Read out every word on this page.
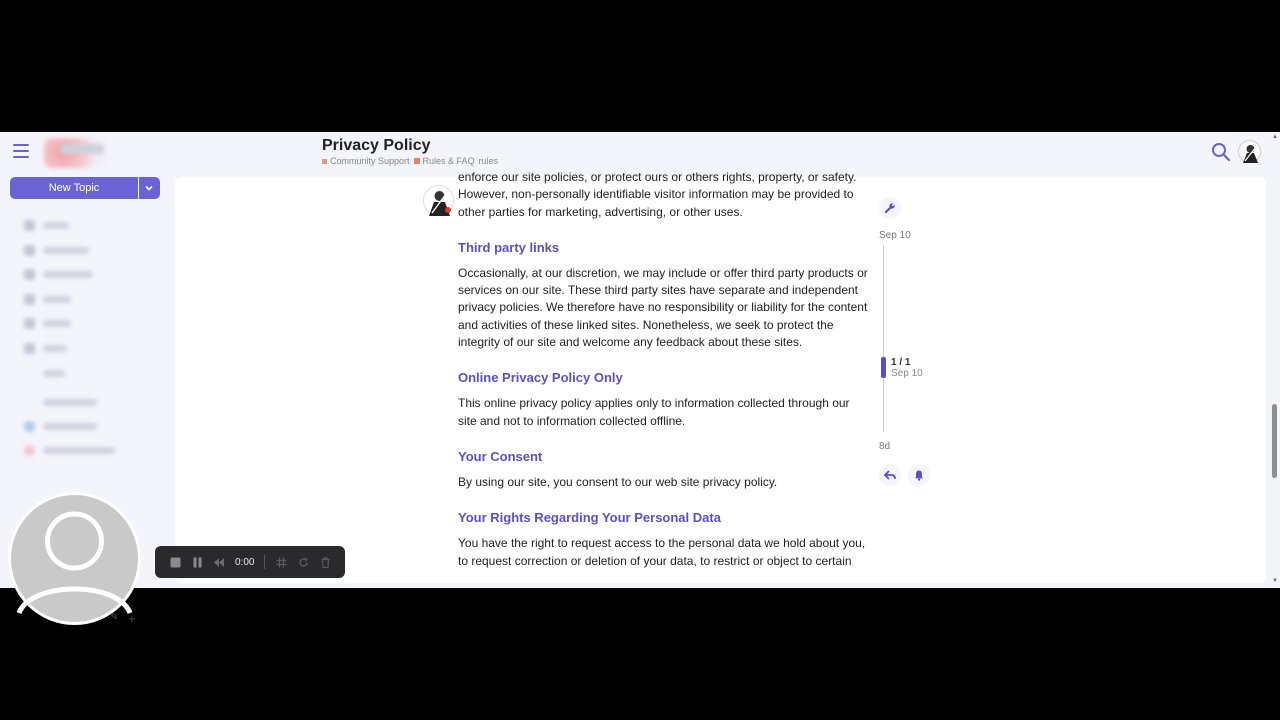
Privacy Policy
Community Support Rules & FAQ rules
New Topic
✎ +

enforce our site policies, or protect ours or others rights, property, or safety. However, non-personally identifiable visitor information may be provided to other parties for marketing, advertising, or other uses.

Third party links

Occasionally, at our discretion, we may include or offer third party products or services on our site. These third party sites have separate and independent privacy policies. We therefore have no responsibility or liability for the content and activities of these linked sites. Nonetheless, we seek to protect the integrity of our site and welcome any feedback about these sites.

Online Privacy Policy Only

This online privacy policy applies only to information collected through our site and not to information collected offline.

Your Consent

By using our site, you consent to our web site privacy policy.

Your Rights Regarding Your Personal Data

You have the right to request access to the personal data we hold about you, to request correction or deletion of your data, to restrict or object to certain

Sep 10
1 / 1
Sep 10
8d
▲
▼
0:00
